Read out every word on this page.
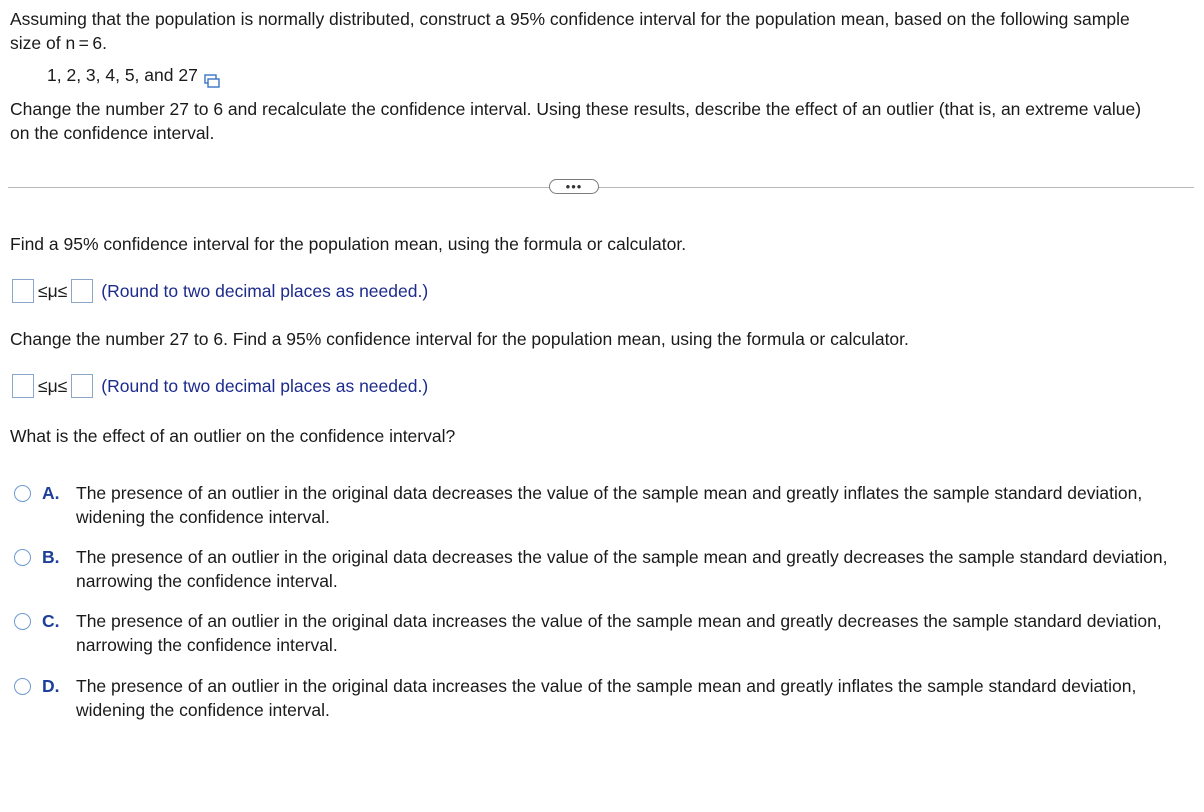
Assuming that the population is normally distributed, construct a 95% confidence interval for the population mean, based on the following sample size of n = 6.

1, 2, 3, 4, 5, and 27

Change the number 27 to 6 and recalculate the confidence interval. Using these results, describe the effect of an outlier (that is, an extreme value) on the confidence interval.

•••

Find a 95% confidence interval for the population mean, using the formula or calculator.

≤μ≤ (Round to two decimal places as needed.)

Change the number 27 to 6. Find a 95% confidence interval for the population mean, using the formula or calculator.

≤μ≤ (Round to two decimal places as needed.)

What is the effect of an outlier on the confidence interval?

A. The presence of an outlier in the original data decreases the value of the sample mean and greatly inflates the sample standard deviation, widening the confidence interval.
B. The presence of an outlier in the original data decreases the value of the sample mean and greatly decreases the sample standard deviation, narrowing the confidence interval.
C. The presence of an outlier in the original data increases the value of the sample mean and greatly decreases the sample standard deviation, narrowing the confidence interval.
D. The presence of an outlier in the original data increases the value of the sample mean and greatly inflates the sample standard deviation, widening the confidence interval.
